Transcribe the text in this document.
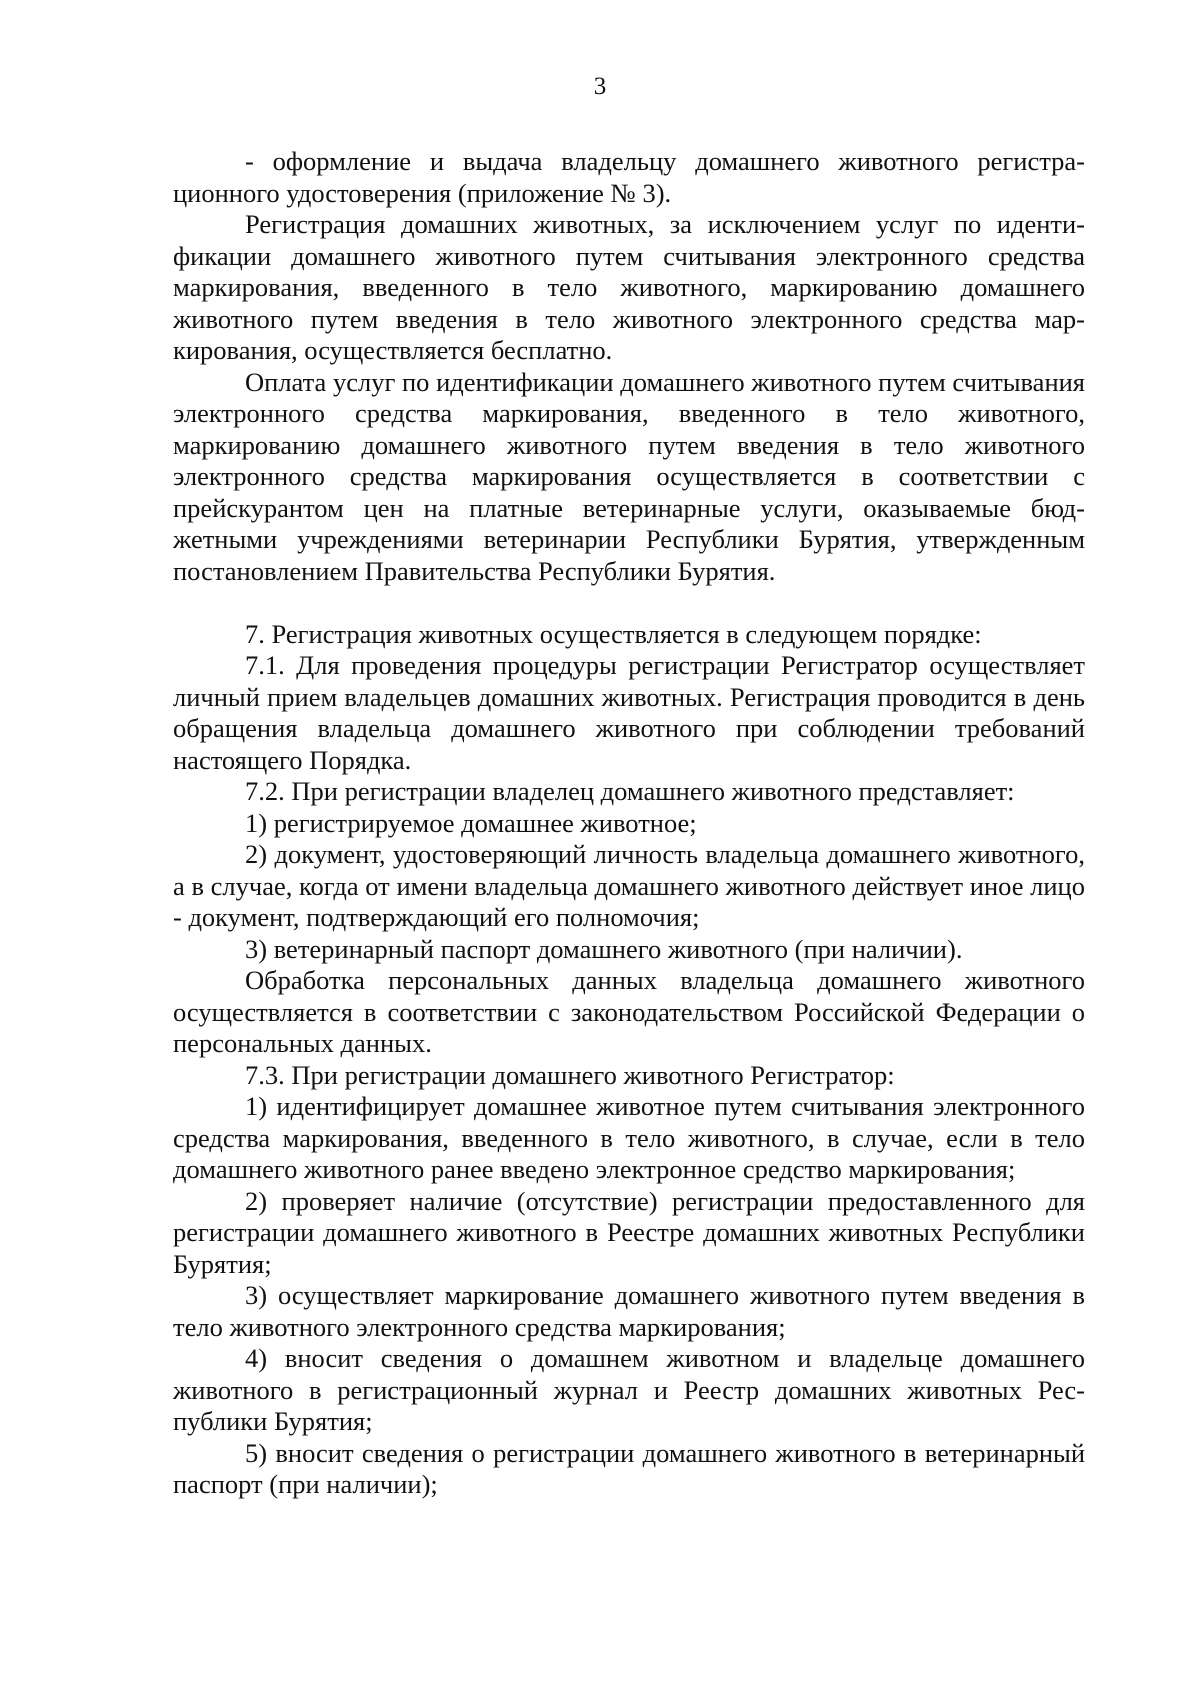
3

- оформление и выдача владельцу домашнего животного регистрационного удостоверения (приложение № 3).

Регистрация домашних животных, за исключением услуг по идентификации домашнего животного путем считывания электронного средства маркирования, введенного в тело животного, маркированию домашнего животного путем введения в тело животного электронного средства маркирования, осуществляется бесплатно.

Оплата услуг по идентификации домашнего животного путем считывания электронного средства маркирования, введенного в тело животного, маркированию домашнего животного путем введения в тело животного электронного средства маркирования осуществляется в соответствии с прейскурантом цен на платные ветеринарные услуги, оказываемые бюджетными учреждениями ветеринарии Республики Бурятия, утвержденным постановлением Правительства Республики Бурятия.

7. Регистрация животных осуществляется в следующем порядке:

7.1. Для проведения процедуры регистрации Регистратор осуществляет личный прием владельцев домашних животных. Регистрация проводится в день обращения владельца домашнего животного при соблюдении требований настоящего Порядка.

7.2. При регистрации владелец домашнего животного представляет:

1) регистрируемое домашнее животное;

2) документ, удостоверяющий личность владельца домашнего животного, а в случае, когда от имени владельца домашнего животного действует иное лицо - документ, подтверждающий его полномочия;

3) ветеринарный паспорт домашнего животного (при наличии).

Обработка персональных данных владельца домашнего животного осуществляется в соответствии с законодательством Российской Федерации о персональных данных.

7.3. При регистрации домашнего животного Регистратор:

1) идентифицирует домашнее животное путем считывания электронного средства маркирования, введенного в тело животного, в случае, если в тело домашнего животного ранее введено электронное средство маркирования;

2) проверяет наличие (отсутствие) регистрации предоставленного для регистрации домашнего животного в Реестре домашних животных Республики Бурятия;

3) осуществляет маркирование домашнего животного путем введения в тело животного электронного средства маркирования;

4) вносит сведения о домашнем животном и владельце домашнего животного в регистрационный журнал и Реестр домашних животных Республики Бурятия;

5) вносит сведения о регистрации домашнего животного в ветеринарный паспорт (при наличии);
